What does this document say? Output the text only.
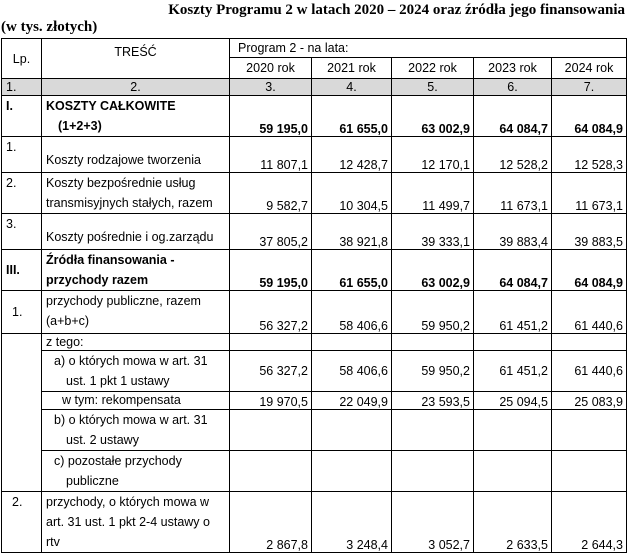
Koszty Programu 2 w latach 2020 – 2024 oraz źródła jego finansowania
(w tys. złotych)
Lp.	TREŚĆ	Program 2 - na lata:				
		2020 rok	2021 rok	2022 rok	2023 rok	2024 rok
1.	2.	3.	4.	5.	6.	7.
I.	KOSZTY CAŁKOWITE
(1+2+3)	59 195,0	61 655,0	63 002,9	64 084,7	64 084,9
1.	Koszty rodzajowe tworzenia	11 807,1	12 428,7	12 170,1	12 528,2	12 528,3
2.	Koszty bezpośrednie usług
transmisyjnych stałych, razem	9 582,7	10 304,5	11 499,7	11 673,1	11 673,1
3.	Koszty pośrednie i og.zarządu	37 805,2	38 921,8	39 333,1	39 883,4	39 883,5
III.	Źródła finansowania -
przychody razem	59 195,0	61 655,0	63 002,9	64 084,7	64 084,9
1.	przychody publiczne, razem
(a+b+c)	56 327,2	58 406,6	59 950,2	61 451,2	61 440,6

	z tego:					

	a) o których mowa w art. 31
ust. 1 pkt 1 ustawy	56 327,2	58 406,6	59 950,2	61 451,2	61 440,6

	w tym: rekompensata	19 970,5	22 049,9	23 593,5	25 094,5	25 083,9

	b) o których mowa w art. 31
ust. 2 ustawy					

	c) pozostałe przychody
publiczne					

2.	przychody, o których mowa w
art. 31 ust. 1 pkt 2-4 ustawy o
rtv	2 867,8	3 248,4	3 052,7	2 633,5	2 644,3
